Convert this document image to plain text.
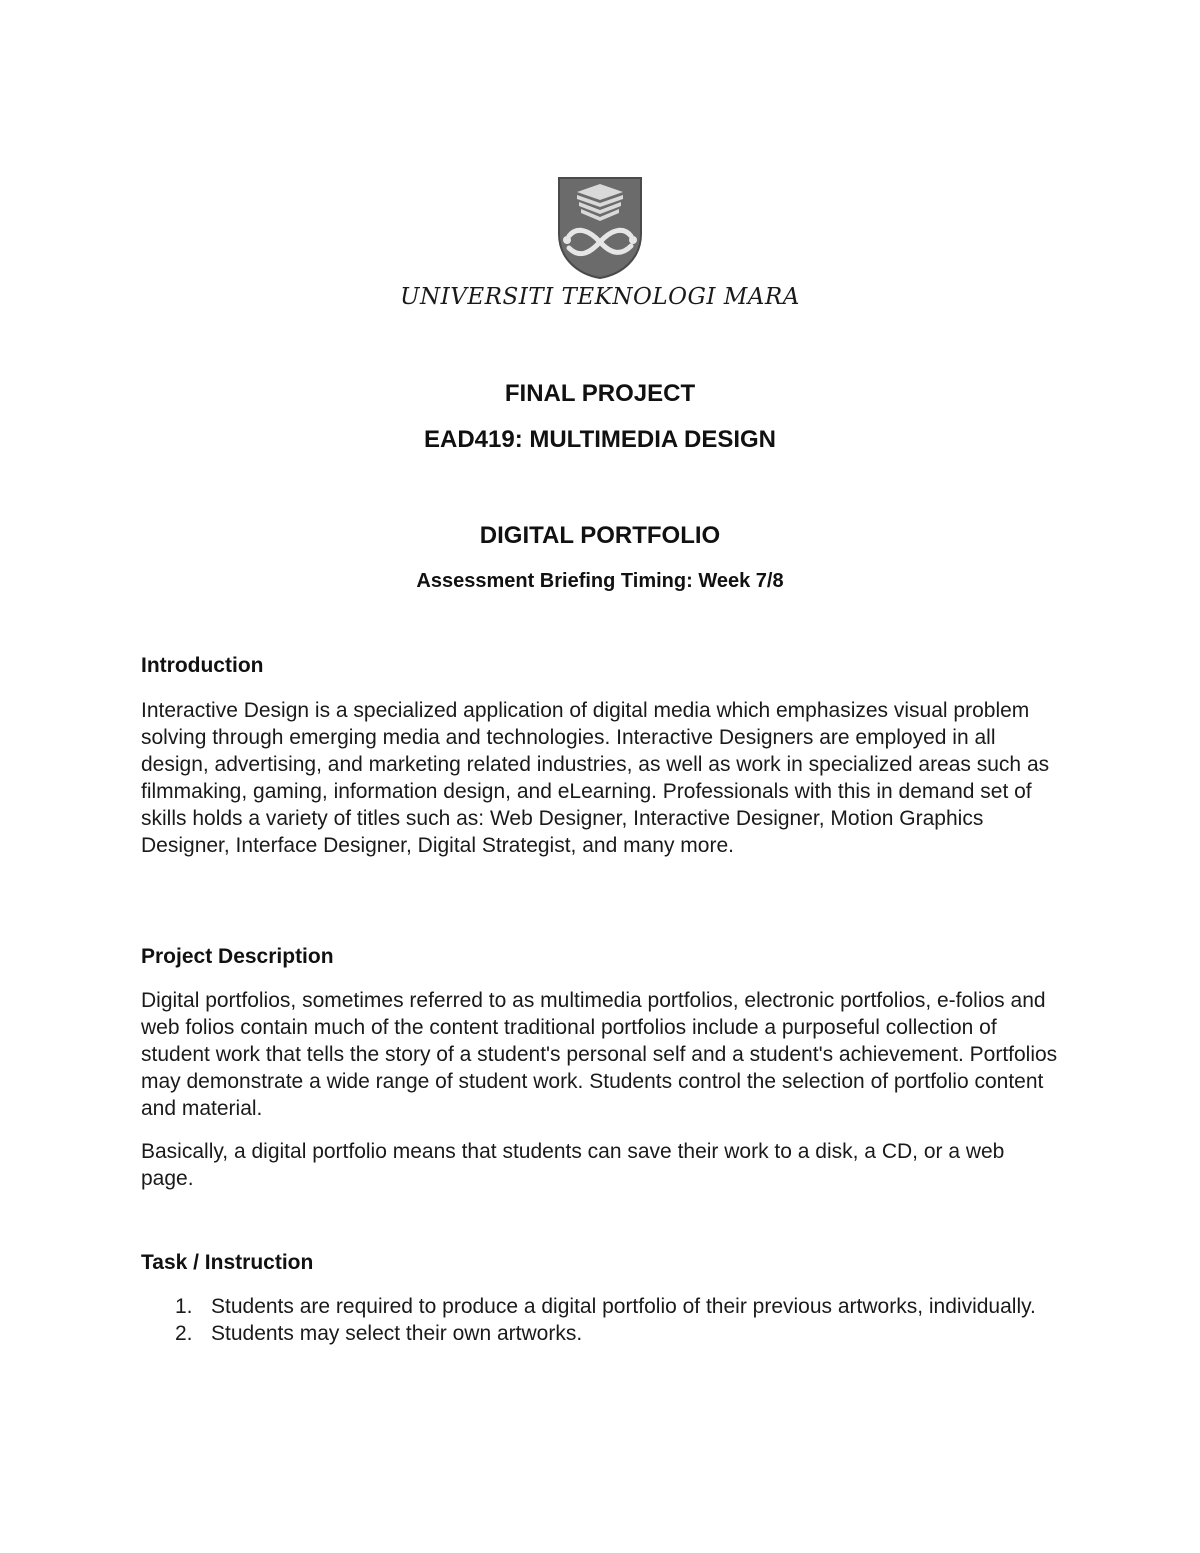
UNIVERSITI TEKNOLOGI MARA
FINAL PROJECT
EAD419: MULTIMEDIA DESIGN
DIGITAL PORTFOLIO
Assessment Briefing Timing: Week 7/8
Introduction

Interactive Design is a specialized application of digital media which emphasizes visual problem solving through emerging media and technologies. Interactive Designers are employed in all design, advertising, and marketing related industries, as well as work in specialized areas such as filmmaking, gaming, information design, and eLearning. Professionals with this in demand set of skills holds a variety of titles such as: Web Designer, Interactive Designer, Motion Graphics Designer, Interface Designer, Digital Strategist, and many more.

Project Description

Digital portfolios, sometimes referred to as multimedia portfolios, electronic portfolios, e-folios and web folios contain much of the content traditional portfolios include a purposeful collection of student work that tells the story of a student's personal self and a student's achievement. Portfolios may demonstrate a wide range of student work. Students control the selection of portfolio content and material.

Basically, a digital portfolio means that students can save their work to a disk, a CD, or a web page.

Task / Instruction
1. Students are required to produce a digital portfolio of their previous artworks, individually.
2. Students may select their own artworks.
